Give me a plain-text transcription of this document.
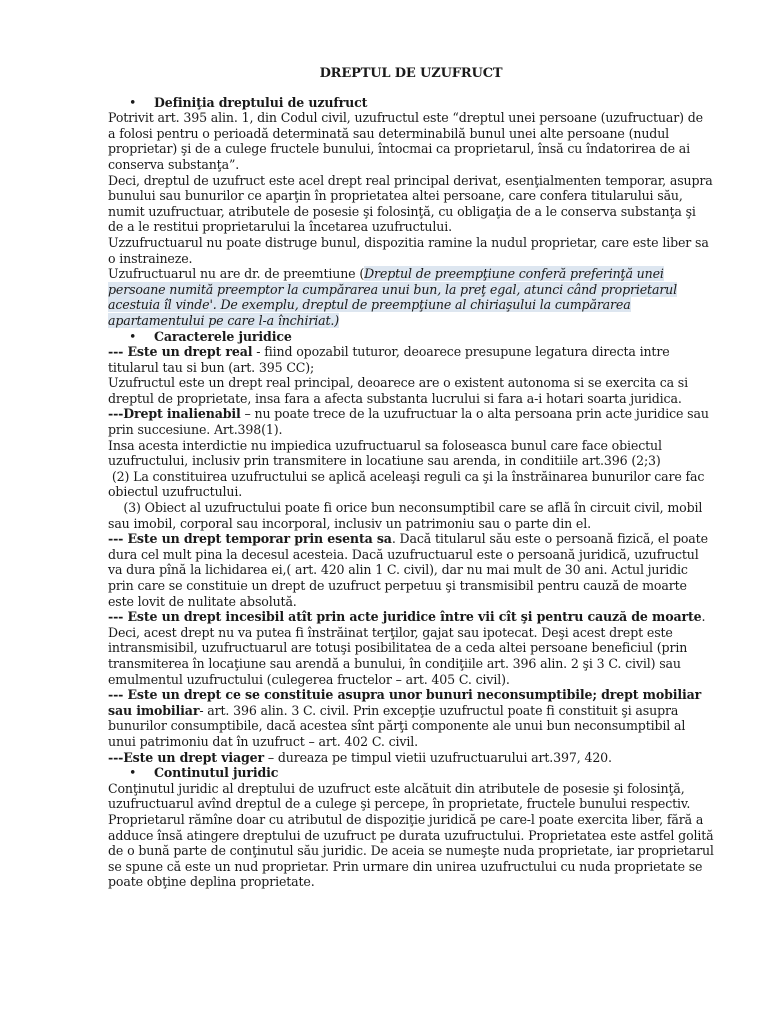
DREPTUL DE UZUFRUCT
• Definiţia dreptului de uzufruct

Potrivit art. 395 alin. 1, din Codul civil, uzufructul este “dreptul unei persoane (uzufructuar) de a folosi pentru o perioadă determinată sau determinabilă bunul unei alte persoane (nudul proprietar) şi de a culege fructele bunului, întocmai ca proprietarul, însă cu îndatorirea de ai conserva substanţa”.

Deci, dreptul de uzufruct este acel drept real principal derivat, esenţialmenten temporar, asupra bunului sau bunurilor ce aparţin în proprietatea altei persoane, care confera titularului său, numit uzufructuar, atributele de posesie şi folosinţă, cu obligaţia de a le conserva substanţa şi de a le restitui proprietarului la încetarea uzufructului.

Uzzufructuarul nu poate distruge bunul, dispozitia ramine la nudul proprietar, care este liber sa o instraineze.

Uzufructuarul nu are dr. de preemtiune (Dreptul de preempţiune conferă preferinţă unei persoane numită preemptor la cumpărarea unui bun, la preţ egal, atunci când proprietarul acestuia îl vinde'. De exemplu, dreptul de preempţiune al chiriaşului la cumpărarea apartamentului pe care l-a închiriat.)

• Caracterele juridice

--- Este un drept real - fiind opozabil tuturor, deoarece presupune legatura directa intre titularul tau si bun (art. 395 CC);

Uzufructul este un drept real principal, deoarece are o existent autonoma si se exercita ca si dreptul de proprietate, insa fara a afecta substanta lucrului si fara a-i hotari soarta juridica.

---Drept inalienabil – nu poate trece de la uzufructuar la o alta persoana prin acte juridice sau prin succesiune. Art.398(1).

Insa acesta interdictie nu impiedica uzufructuarul sa foloseasca bunul care face obiectul uzufructului, inclusiv prin transmitere in locatiune sau arenda, in conditiile art.396 (2;3)

(2) La constituirea uzufructului se aplică aceleaşi reguli ca şi la înstrăinarea bunurilor care fac obiectul uzufructului.

(3) Obiect al uzufructului poate fi orice bun neconsumptibil care se află în circuit civil, mobil sau imobil, corporal sau incorporal, inclusiv un patrimoniu sau o parte din el.

--- Este un drept temporar prin esenta sa. Dacă titularul său este o persoană fizică, el poate dura cel mult pina la decesul acesteia. Dacă uzufructuarul este o persoană juridică, uzufructul va dura pînă la lichidarea ei,( art. 420 alin 1 C. civil), dar nu mai mult de 30 ani. Actul juridic prin care se constituie un drept de uzufruct perpetuu şi transmisibil pentru cauză de moarte este lovit de nulitate absolută.

--- Este un drept incesibil atît prin acte juridice între vii cît şi pentru cauză de moarte. Deci, acest drept nu va putea fi înstrăinat terţilor, gajat sau ipotecat. Deşi acest drept este intransmisibil, uzufructuarul are totuşi posibilitatea de a ceda altei persoane beneficiul (prin transmiterea în locaţiune sau arendă a bunului, în condiţiile art. 396 alin. 2 şi 3 C. civil) sau emulmentul uzufructului (culegerea fructelor – art. 405 C. civil).

--- Este un drept ce se constituie asupra unor bunuri neconsumptibile; drept mobiliar sau imobiliar- art. 396 alin. 3 C. civil. Prin excepţie uzufructul poate fi constituit şi asupra bunurilor consumptibile, dacă acestea sînt părţi componente ale unui bun neconsumptibil al unui patrimoniu dat în uzufruct – art. 402 C. civil.

---Este un drept viager – dureaza pe timpul vietii uzufructuarului art.397, 420.

• Continutul juridic

Conţinutul juridic al dreptului de uzufruct este alcătuit din atributele de posesie şi folosinţă, uzufructuarul avînd dreptul de a culege şi percepe, în proprietate, fructele bunului respectiv. Proprietarul rămîne doar cu atributul de dispoziţie juridică pe care-l poate exercita liber, fără a adduce însă atingere dreptului de uzufruct pe durata uzufructului. Proprietatea este astfel golită de o bună parte de conţinutul său juridic. De aceia se numeşte nuda proprietate, iar proprietarul se spune că este un nud proprietar. Prin urmare din unirea uzufructului cu nuda proprietate se poate obţine deplina proprietate.
